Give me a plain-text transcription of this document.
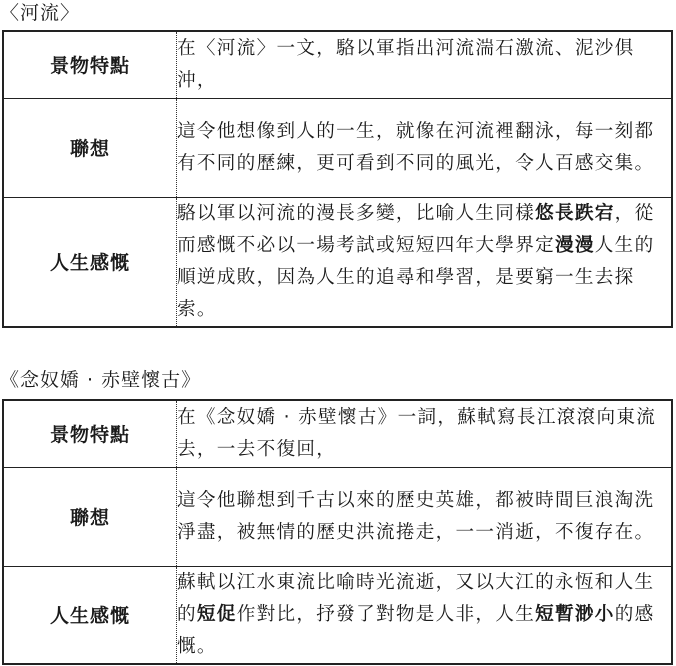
〈河流〉
景物特點	在〈河流〉一文，駱以軍指出河流湍石激流、泥沙俱沖，
聯想	這令他想像到人的一生，就像在河流裡翻泳，每一刻都有不同的歷練，更可看到不同的風光，令人百感交集。
人生感慨	駱以軍以河流的漫長多變，比喻人生同樣悠長跌宕，從而感慨不必以一場考試或短短四年大學界定漫漫人生的順逆成敗，因為人生的追尋和學習，是要窮一生去探索。
《念奴嬌 · 赤壁懷古》
景物特點	在《念奴嬌 · 赤壁懷古》一詞，蘇軾寫長江滾滾向東流去，一去不復回，
聯想	這令他聯想到千古以來的歷史英雄，都被時間巨浪淘洗淨盡，被無情的歷史洪流捲走，一一消逝，不復存在。
人生感慨	蘇軾以江水東流比喻時光流逝，又以大江的永恆和人生的短促作對比，抒發了對物是人非，人生短暫渺小的感慨。
